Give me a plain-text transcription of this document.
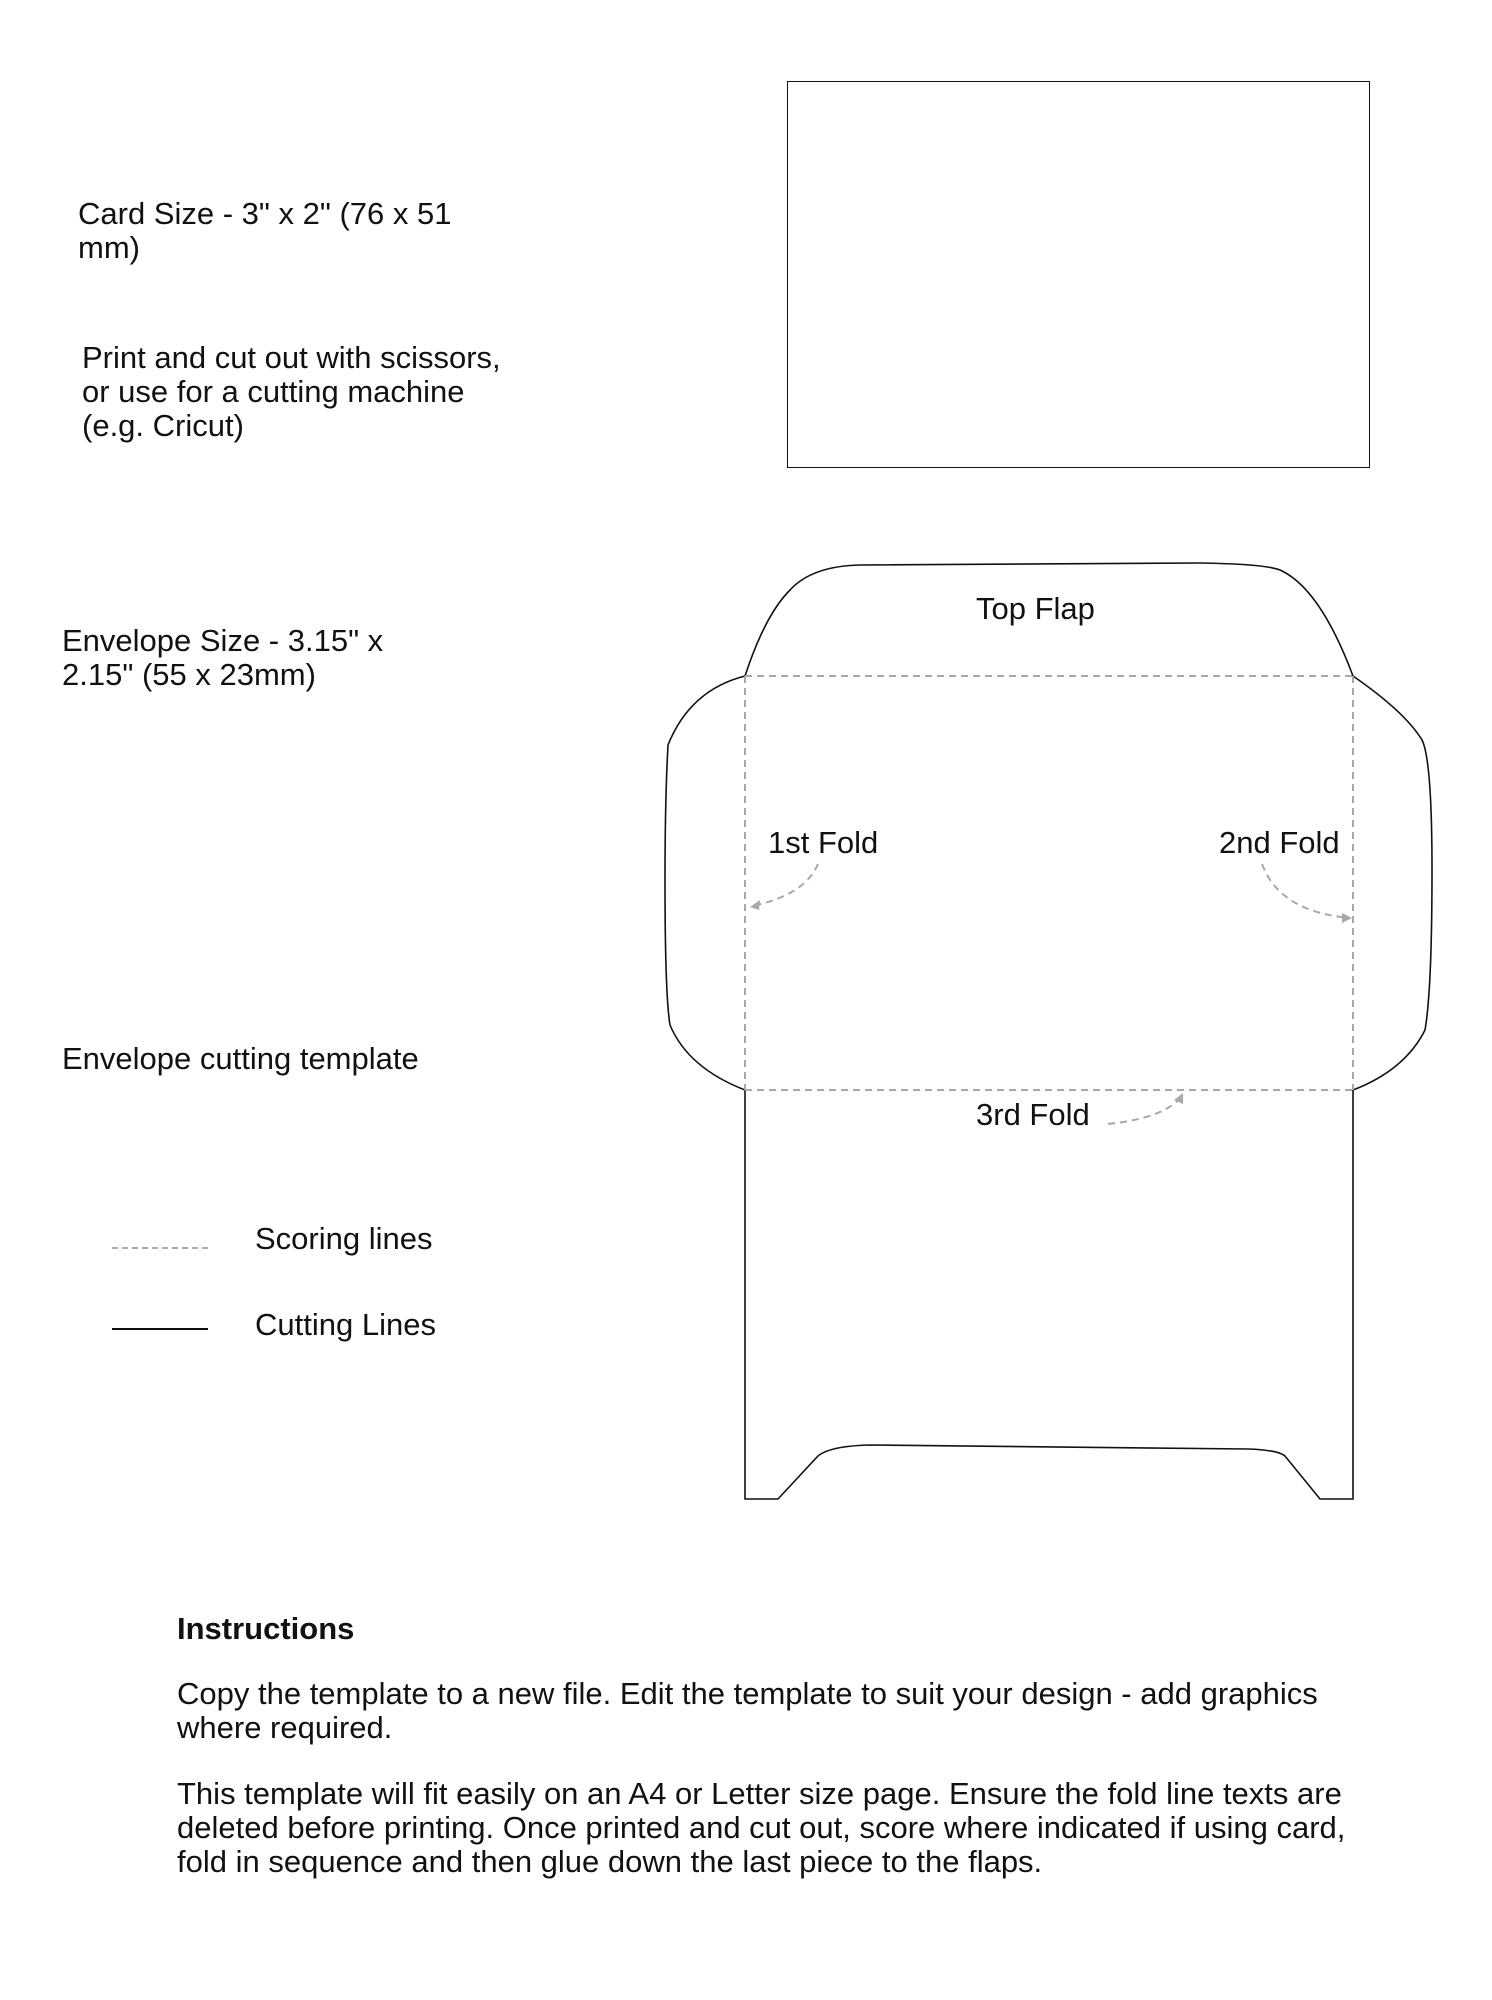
Card Size - 3" x 2" (76 x 51 mm)
Print and cut out with scissors, or use for a cutting machine (e.g. Cricut)
Envelope Size - 3.15" x 2.15" (55 x 23mm)
Envelope cutting template
Scoring lines
Cutting Lines
Top Flap
1st Fold	2nd Fold
3rd Fold
Instructions
Copy the template to a new file. Edit the template to suit your design - add graphics where required.
This template will fit easily on an A4 or Letter size page. Ensure the fold line texts are deleted before printing. Once printed and cut out, score where indicated if using card, fold in sequence and then glue down the last piece to the flaps.
